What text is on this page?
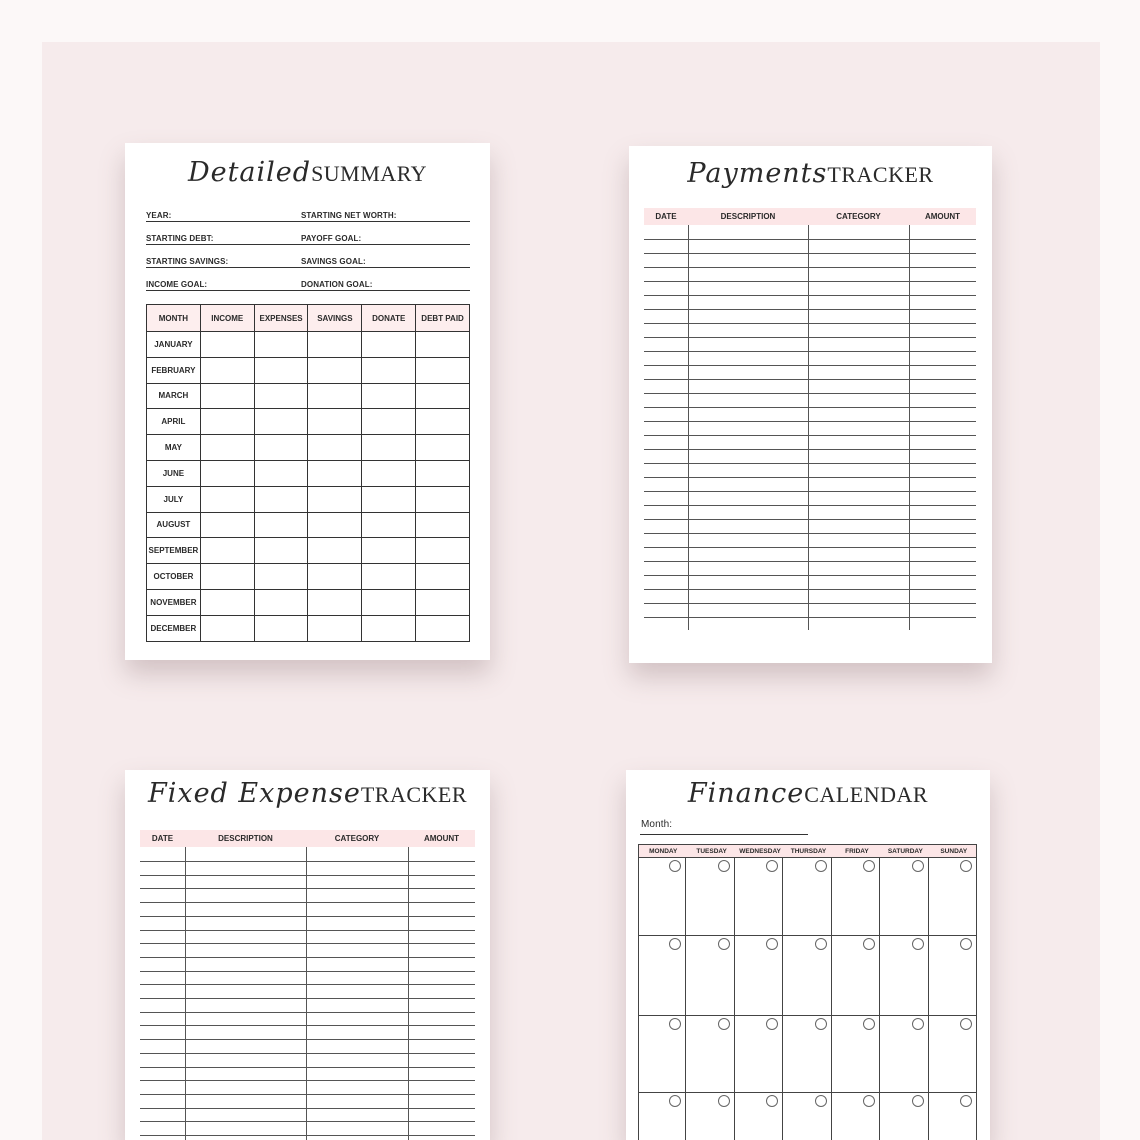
DetailedSUMMARY
YEAR:	STARTING NET WORTH:
STARTING DEBT:	PAYOFF GOAL:
STARTING SAVINGS:	SAVINGS GOAL:
INCOME GOAL:	DONATION GOAL:
MONTH	INCOME	EXPENSES	SAVINGS	DONATE	DEBT PAID
JANUARY					
FEBRUARY					
MARCH					
APRIL					
MAY					
JUNE					
JULY					
AUGUST					
SEPTEMBER					
OCTOBER					
NOVEMBER					
DECEMBER					
PaymentsTRACKER
DATE	DESCRIPTION	CATEGORY	AMOUNT
Fixed ExpenseTRACKER
DATE	DESCRIPTION	CATEGORY	AMOUNT
FinanceCALENDAR
Month:
MONDAY	TUESDAY	WEDNESDAY	THURSDAY	FRIDAY	SATURDAY	SUNDAY
